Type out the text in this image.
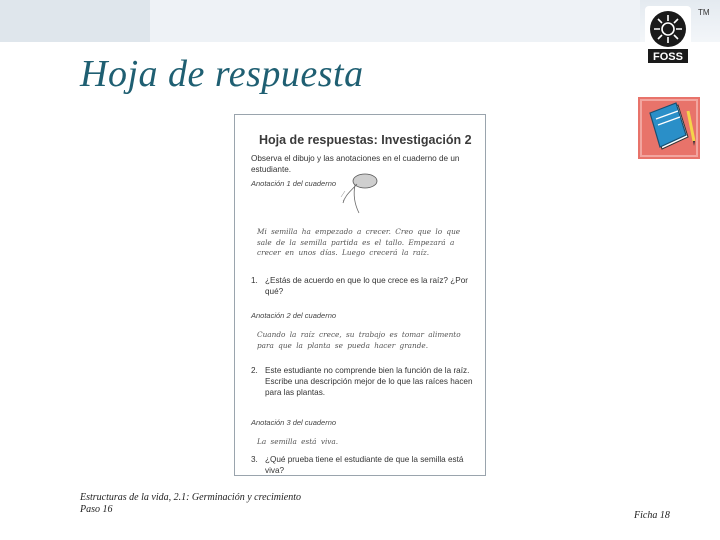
Hoja de respuesta
TM
FOSS
Hoja de respuestas: Investigación 2
Observa el dibujo y las anotaciones en el cuaderno de un estudiante.
Anotación 1 del cuaderno
Mi semilla ha empezado a crecer. Creo que lo que sale de la semilla partida es el tallo. Empezará a crecer en unos días. Luego crecerá la raíz.
1. ¿Estás de acuerdo en que lo que crece es la raíz? ¿Por qué?
Anotación 2 del cuaderno
Cuando la raíz crece, su trabajo es tomar alimento para que la planta se pueda hacer grande.
2. Este estudiante no comprende bien la función de la raíz. Escribe una descripción mejor de lo que las raíces hacen para las plantas.
Anotación 3 del cuaderno
La semilla está viva.
3. ¿Qué prueba tiene el estudiante de que la semilla está viva?
Estructuras de la vida, 2.1: Germinación y crecimiento
Paso 16
Ficha 18
